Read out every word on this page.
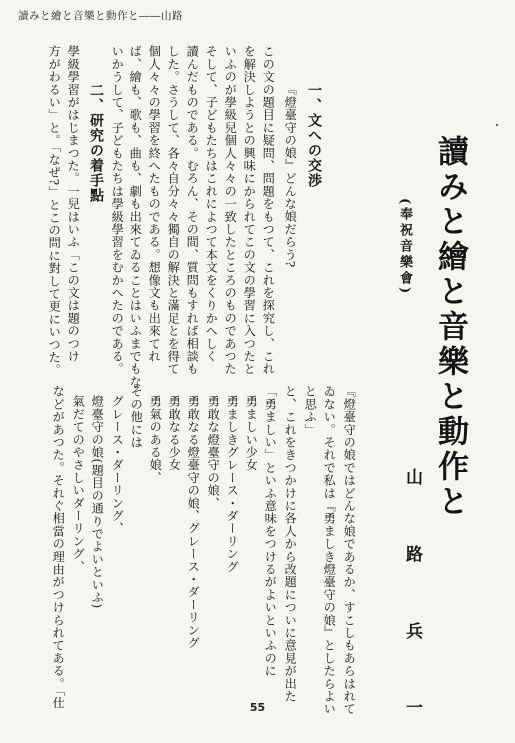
讀みと繪と音樂と動作と――山路
讀みと繪と音樂と動作と
(奉祝音樂會)
山 路 兵 一
一、文への交渉
『燈臺守の娘』どんな娘だらう?
この文の題目に疑問、問題をもつて、これを探究し、これ
を解決しようとの興味にかられてこの文の學習に入つたと
いふのが學級兒個人々々の一致したところのものであつた
そして、子どもたちはこれによつて本文をくりかへしく
讀んだものである。むろん、その間、質問もすれば相談も
した。さうして、各々自分々々獨自の解決と滿足とを得て
個人々々の學習を終へたものである。想像文も出來てれ
ば、繪も、歌も、曲も、劇も出來てゐることはいふまでもな
いかうして、子どもたちは學級學習をむかへたのである。
二、研究の着手點
學級學習がはじまつた。一兒はいふ「この文は題のつけ
方がわるい」と。「なぜ?」とこの問に對して更にいつた。
『燈臺守の娘ではどんな娘であるか、すこしもあらはれて
ゐない。それで私は『勇ましき燈臺守の娘』としたらよい
と思ふ」
と、これをきつかけに各人から改題についに意見が出た
「勇ましい」といふ意味をつけるがよいといふのに
勇ましい少女
勇ましきグレース・ダーリング
勇敢な燈臺守の娘、
勇敢なる燈臺守の娘、グレース・ダーリング
勇敢なる少女
勇氣のある娘、
その他には
グレース・ダーリング、
燈臺守の娘(題目の通りでよいといふ)
氣だてのやさしいダーリング、
などがあつた。それぐ相當の理由がつけられてある。「仕	55
